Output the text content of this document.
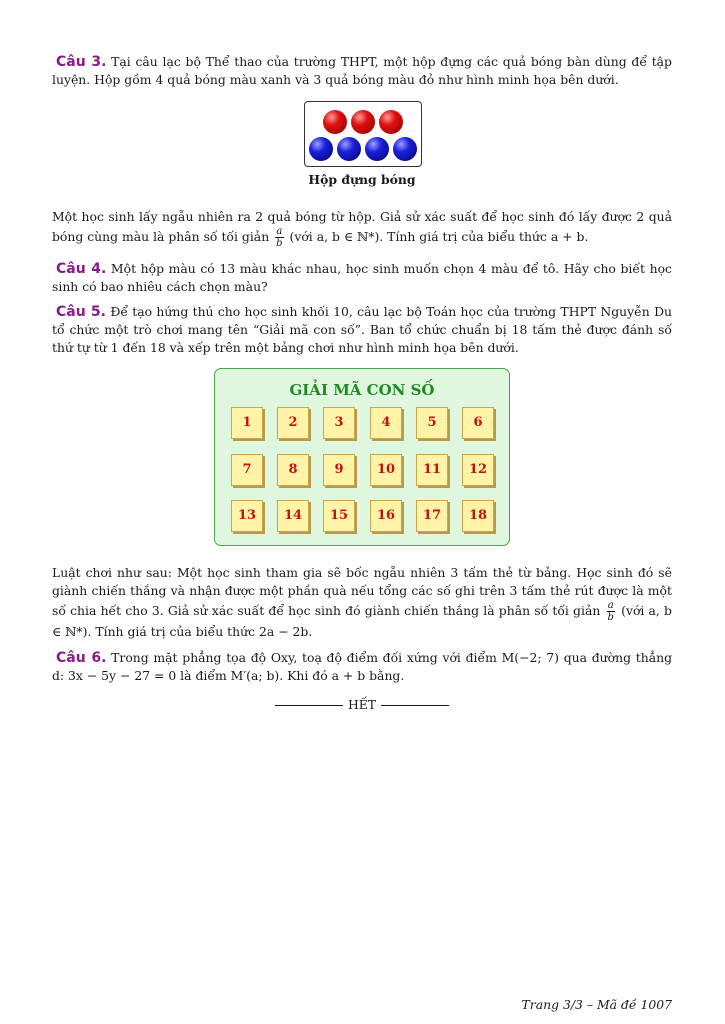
Câu 3. Tại câu lạc bộ Thể thao của trường THPT, một hộp đựng các quả bóng bàn dùng để tập luyện. Hộp gồm 4 quả bóng màu xanh và 3 quả bóng màu đỏ như hình minh họa bên dưới.
Hộp đựng bóng
Một học sinh lấy ngẫu nhiên ra 2 quả bóng từ hộp. Giả sử xác suất để học sinh đó lấy được 2 quả bóng cùng màu là phân số tối giản $\frac{a}{b}$ (với a, b ∈ ℕ*). Tính giá trị của biểu thức a + b.
Câu 4. Một hộp màu có 13 màu khác nhau, học sinh muốn chọn 4 màu để tô. Hãy cho biết học sinh có bao nhiêu cách chọn màu?
Câu 5. Để tạo hứng thú cho học sinh khối 10, câu lạc bộ Toán học của trường THPT Nguyễn Du tổ chức một trò chơi mang tên “Giải mã con số”. Ban tổ chức chuẩn bị 18 tấm thẻ được đánh số thứ tự từ 1 đến 18 và xếp trên một bảng chơi như hình minh họa bên dưới.
GIẢI MÃ CON SỐ
1	2	3	4	5	6
7	8	9	10	11	12
13	14	15	16	17	18
Luật chơi như sau: Một học sinh tham gia sẽ bốc ngẫu nhiên 3 tấm thẻ từ bảng. Học sinh đó sẽ giành chiến thắng và nhận được một phần quà nếu tổng các số ghi trên 3 tấm thẻ rút được là một số chia hết cho 3. Giả sử xác suất để học sinh đó giành chiến thắng là phân số tối giản $\frac{a}{b}$ (với a, b ∈ ℕ*). Tính giá trị của biểu thức 2a − 2b.
Câu 6. Trong mặt phẳng tọa độ Oxy, toạ độ điểm đối xứng với điểm M(−2; 7) qua đường thẳng d: 3x − 5y − 27 = 0 là điểm M′(a; b). Khi đó a + b bằng.
HẾT
Trang 3/3 – Mã đề 1007
